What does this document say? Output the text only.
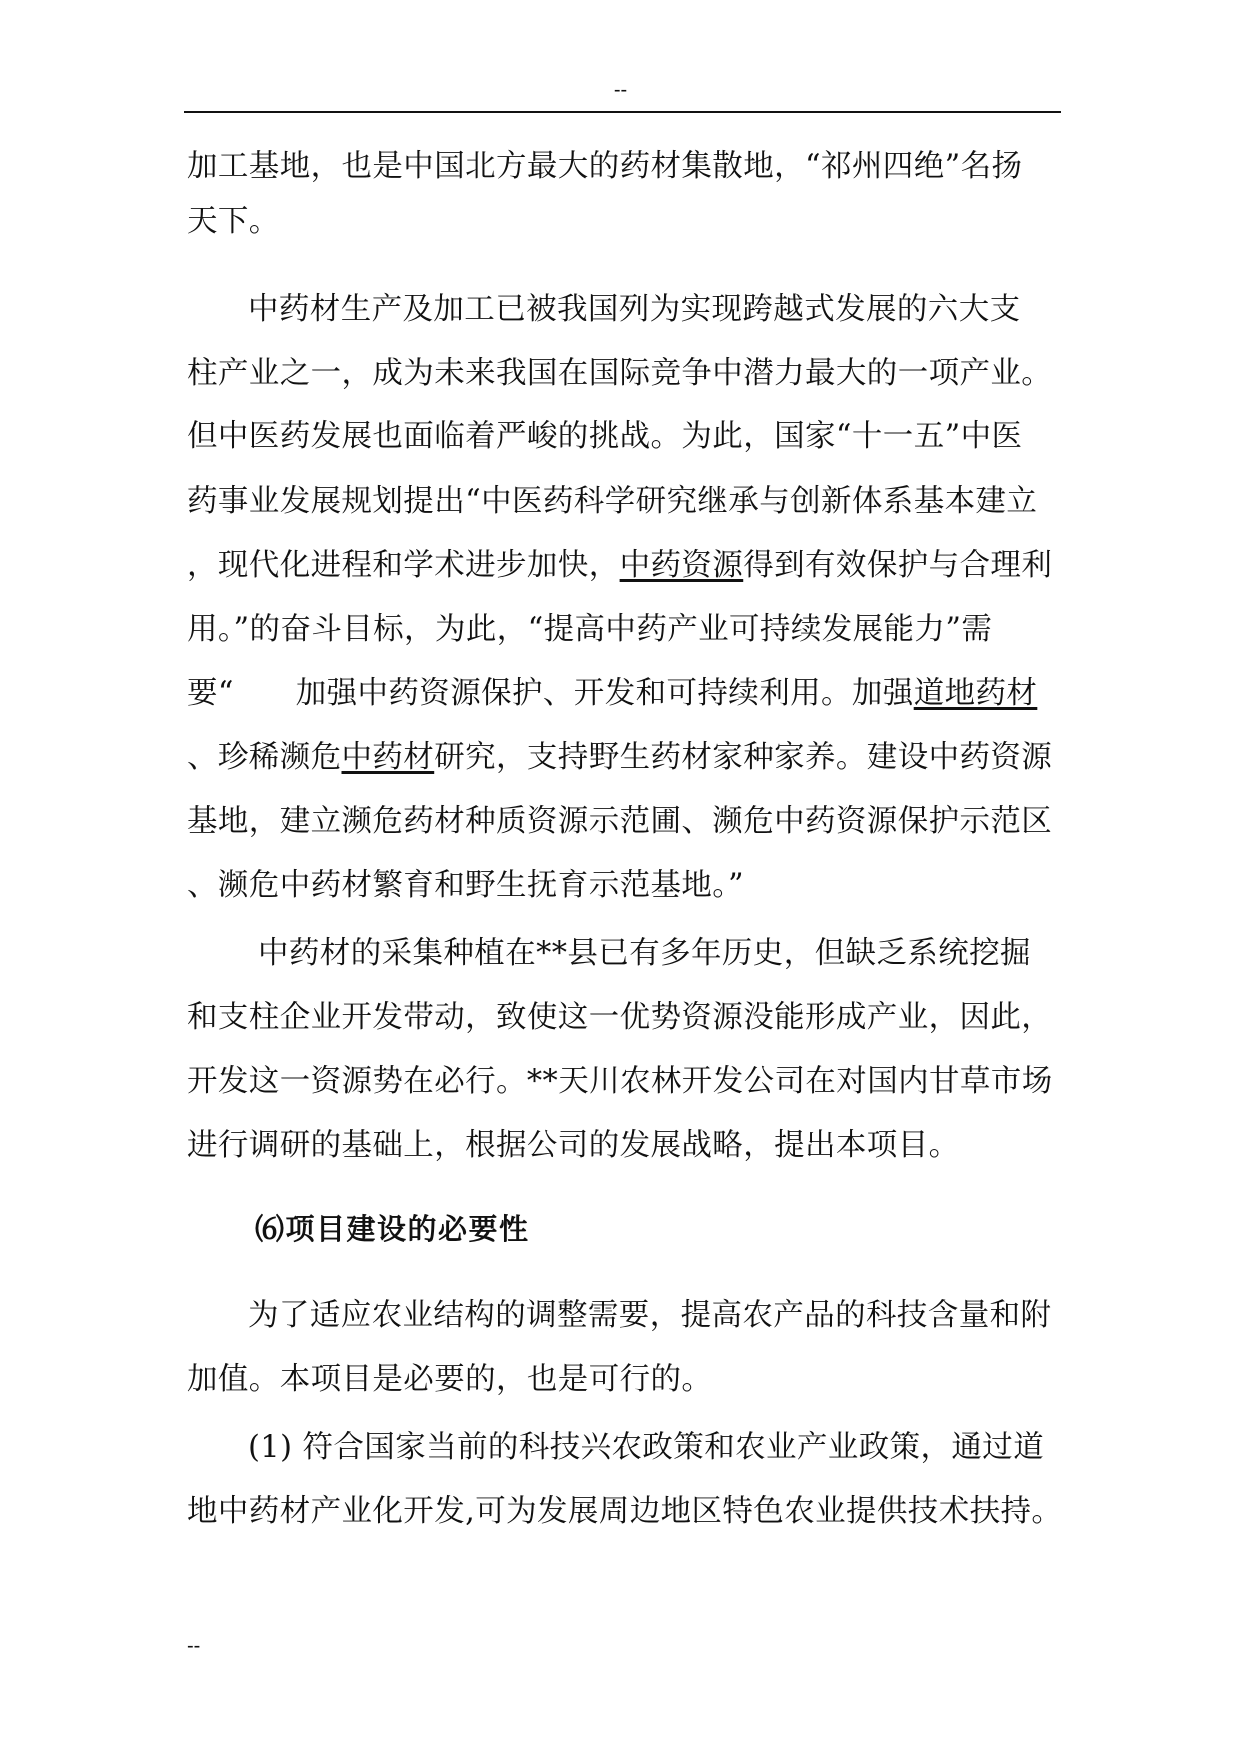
--
加工基地，也是中国北方最大的药材集散地，“祁州四绝”名扬
天下。
中药材生产及加工已被我国列为实现跨越式发展的六大支
柱产业之一，成为未来我国在国际竞争中潜力最大的一项产业。
但中医药发展也面临着严峻的挑战。为此，国家“十一五”中医
药事业发展规划提出“中医药科学研究继承与创新体系基本建立
，现代化进程和学术进步加快，中药资源得到有效保护与合理利
用。”的奋斗目标，为此，“提高中药产业可持续发展能力”需
要“　　加强中药资源保护、开发和可持续利用。加强道地药材
、珍稀濒危中药材研究，支持野生药材家种家养。建设中药资源
基地，建立濒危药材种质资源示范圃、濒危中药资源保护示范区
、濒危中药材繁育和野生抚育示范基地。”
中药材的采集种植在**县已有多年历史，但缺乏系统挖掘
和支柱企业开发带动，致使这一优势资源没能形成产业，因此，
开发这一资源势在必行。**天川农林开发公司在对国内甘草市场
进行调研的基础上，根据公司的发展战略，提出本项目。
⑹项目建设的必要性
为了适应农业结构的调整需要，提高农产品的科技含量和附
加值。本项目是必要的，也是可行的。
(1) 符合国家当前的科技兴农政策和农业产业政策，通过道
地中药材产业化开发,可为发展周边地区特色农业提供技术扶持。
--
